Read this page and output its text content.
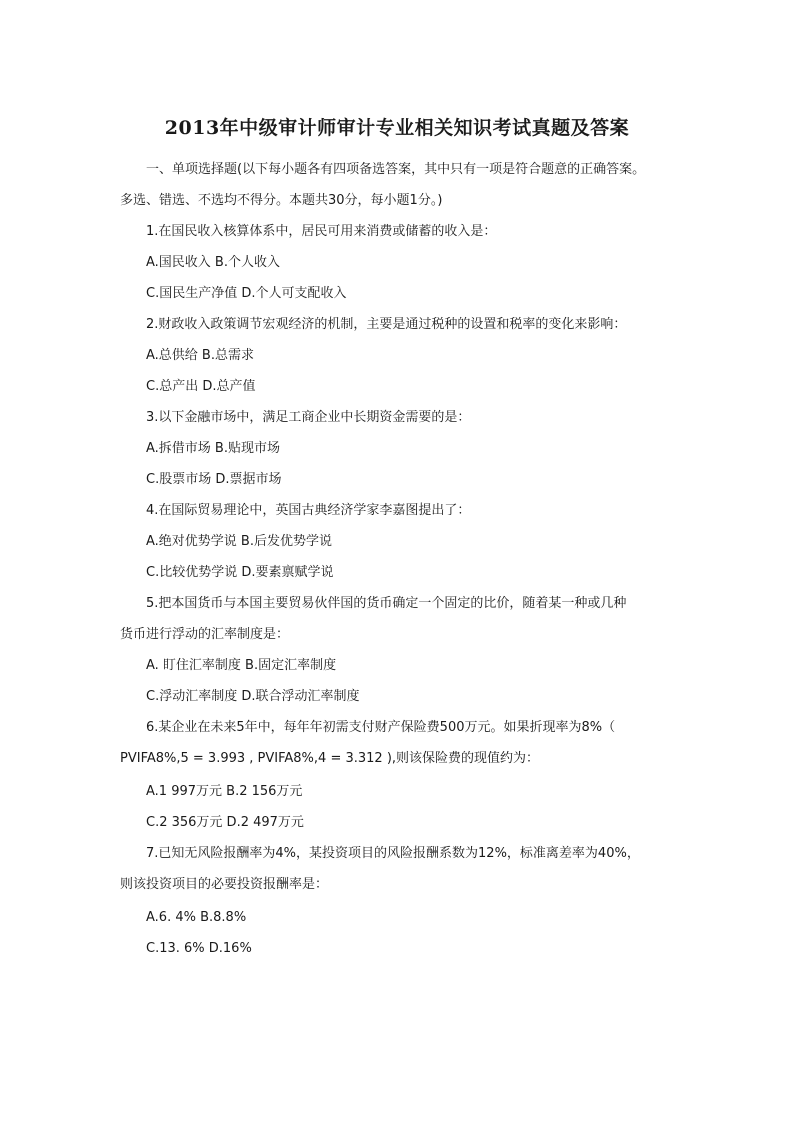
2013年中级审计师审计专业相关知识考试真题及答案
一、单项选择题(以下每小题各有四项备选答案，其中只有一项是符合题意的正确答案。
多选、错选、不选均不得分。本题共30分，每小题1分。)
1.在国民收入核算体系中，居民可用来消费或储蓄的收入是：
A.国民收入 B.个人收入
C.国民生产净值 D.个人可支配收入
2.财政收入政策调节宏观经济的机制，主要是通过税种的设置和税率的变化来影响：
A.总供给 B.总需求
C.总产出 D.总产值
3.以下金融市场中，满足工商企业中长期资金需要的是：
A.拆借市场 B.贴现市场
C.股票市场 D.票据市场
4.在国际贸易理论中，英国古典经济学家李嘉图提出了：
A.绝对优势学说 B.后发优势学说
C.比较优势学说 D.要素禀赋学说
5.把本国货币与本国主要贸易伙伴国的货币确定一个固定的比价，随着某一种或几种
货币进行浮动的汇率制度是：
A. 盯住汇率制度 B.固定汇率制度
C.浮动汇率制度 D.联合浮动汇率制度
6.某企业在未来5年中，每年年初需支付财产保险费500万元。如果折现率为8%（
PVIFA8%,5 = 3.993 , PVIFA8%,4 = 3.312 ),则该保险费的现值约为：
A.1 997万元 B.2 156万元
C.2 356万元 D.2 497万元
7.已知无风险报酬率为4%，某投资项目的风险报酬系数为12%，标准离差率为40%，
则该投资项目的必要投资报酬率是：
A.6. 4% B.8.8%
C.13. 6% D.16%
